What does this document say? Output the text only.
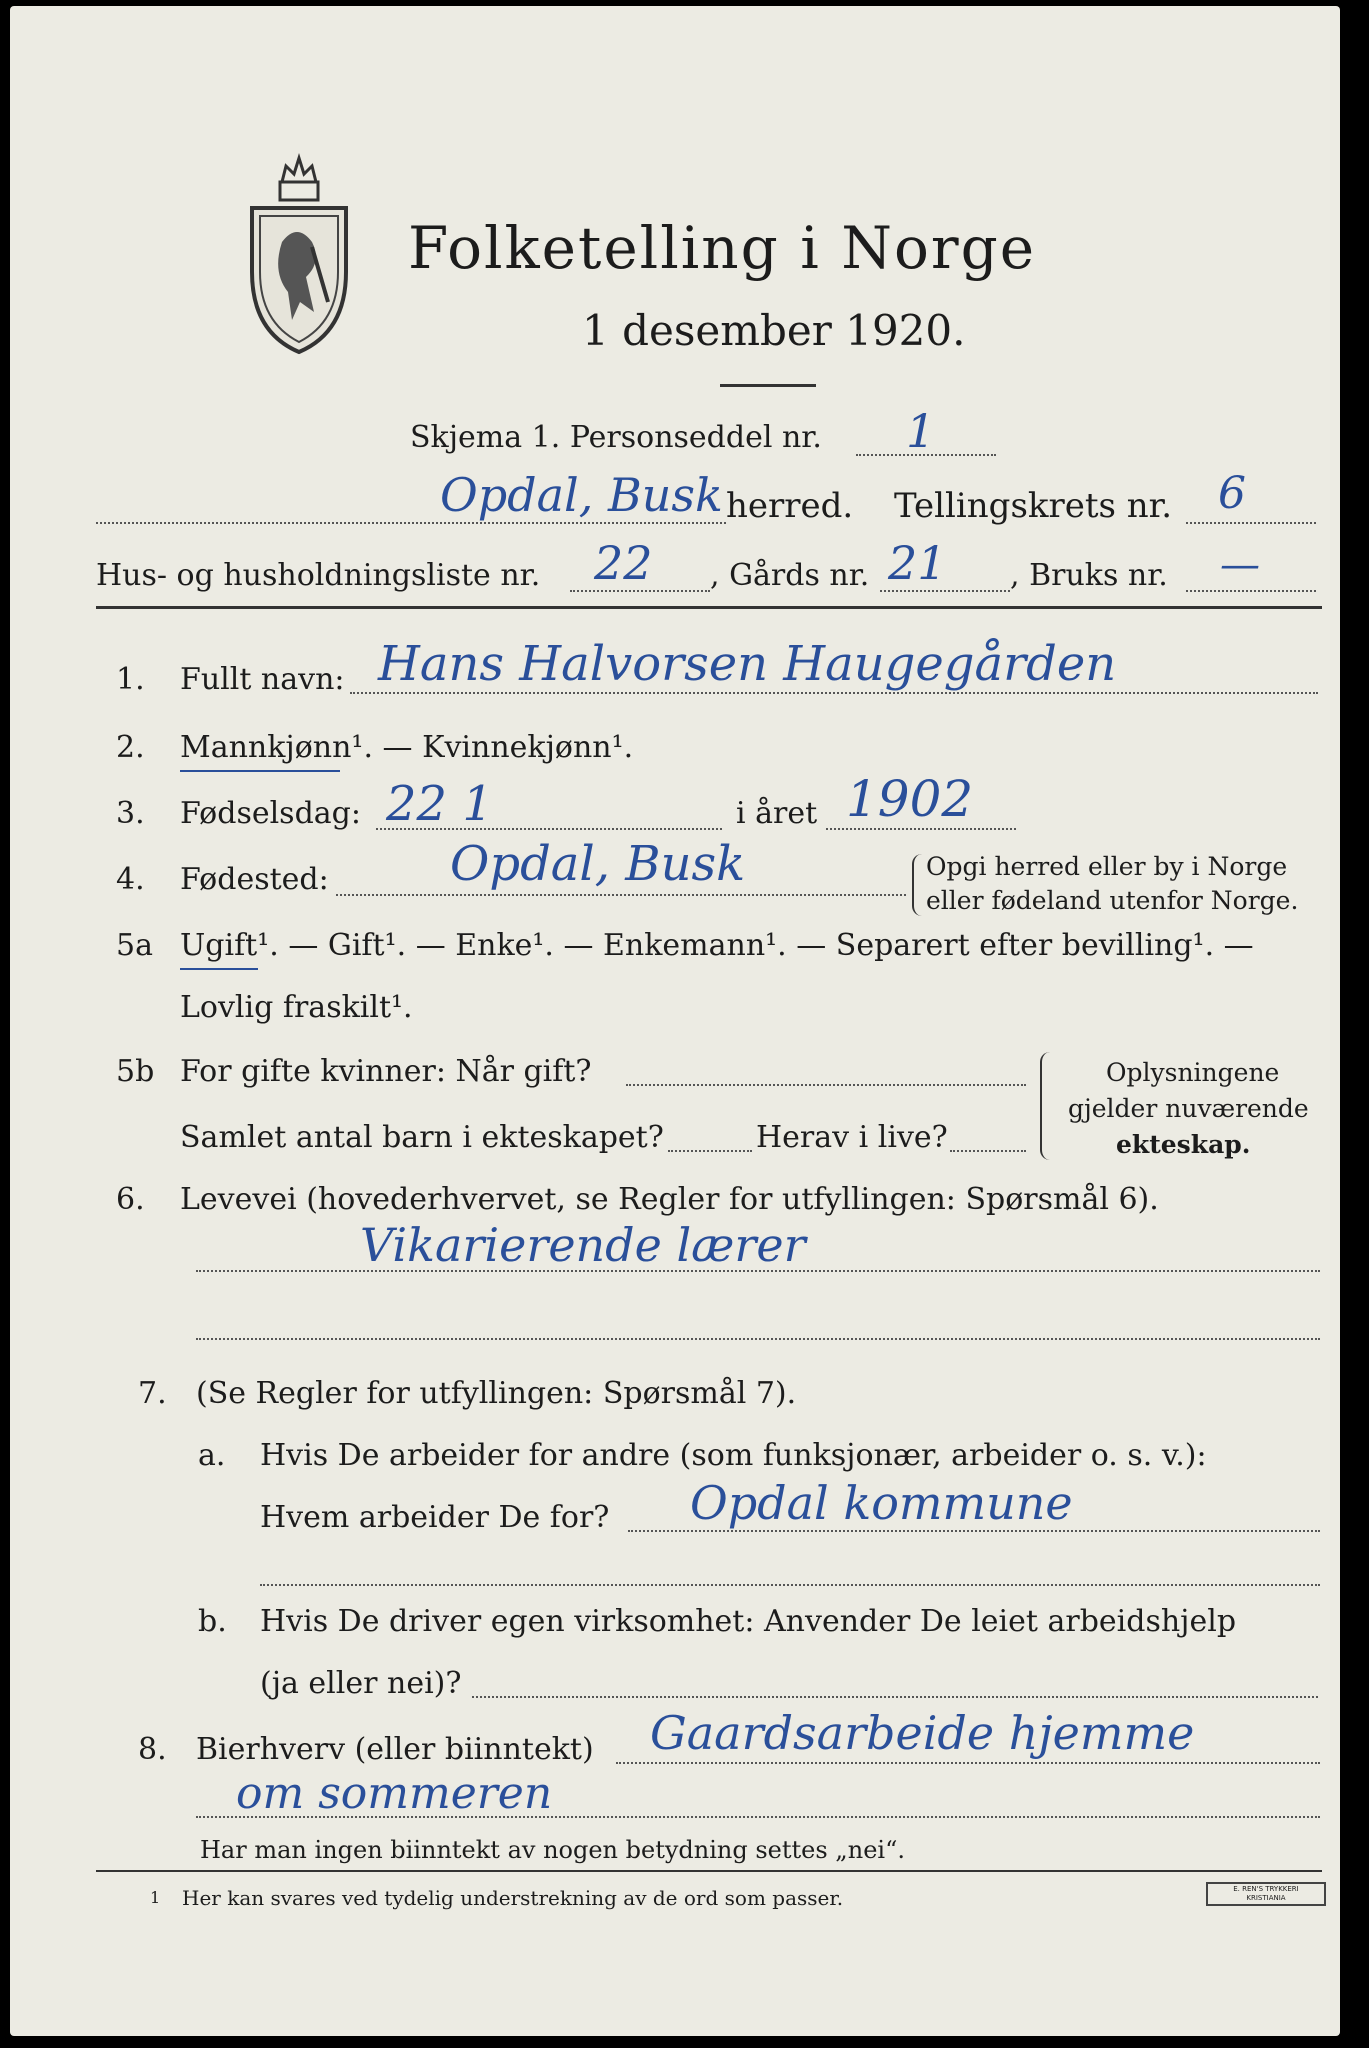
Folketelling i Norge
1 desember 1920.
Skjema 1. Personseddel nr. 1
Opdal, Busk herred. Tellingskrets nr. 6
Hus- og husholdningsliste nr. 22 , Gårds nr. 21 , Bruks nr. —
1. Fullt navn: Hans Halvorsen Haugegården
2. Mannkjønn¹. — Kvinnekjønn¹.
3. Fødselsdag: 22 1	i året 1902
4. Fødested:	Opdal, Busk	Opgi herred eller by i Norge
eller fødeland utenfor Norge.
5a Ugift¹. — Gift¹. — Enke¹. — Enkemann¹. — Separert efter bevilling¹. —
Lovlig fraskilt¹.
5b For gifte kvinner: Når gift?
Samlet antal barn i ekteskapet?	Herav i live?
Oplysningene
gjelder nuværende
ekteskap.
6. Levevei (hovederhvervet, se Regler for utfyllingen: Spørsmål 6).
Vikarierende lærer
7. (Se Regler for utfyllingen: Spørsmål 7).
a. Hvis De arbeider for andre (som funksjonær, arbeider o. s. v.):
Hvem arbeider De for? Opdal kommune
b. Hvis De driver egen virksomhet: Anvender De leiet arbeidshjelp
(ja eller nei)?
8. Bierhverv (eller biinntekt) Gaardsarbeide hjemme
om sommeren
Har man ingen biinntekt av nogen betydning settes „nei“.
1 Her kan svares ved tydelig understrekning av de ord som passer.	E. REN'S TRYKKERI
KRISTIANIA
